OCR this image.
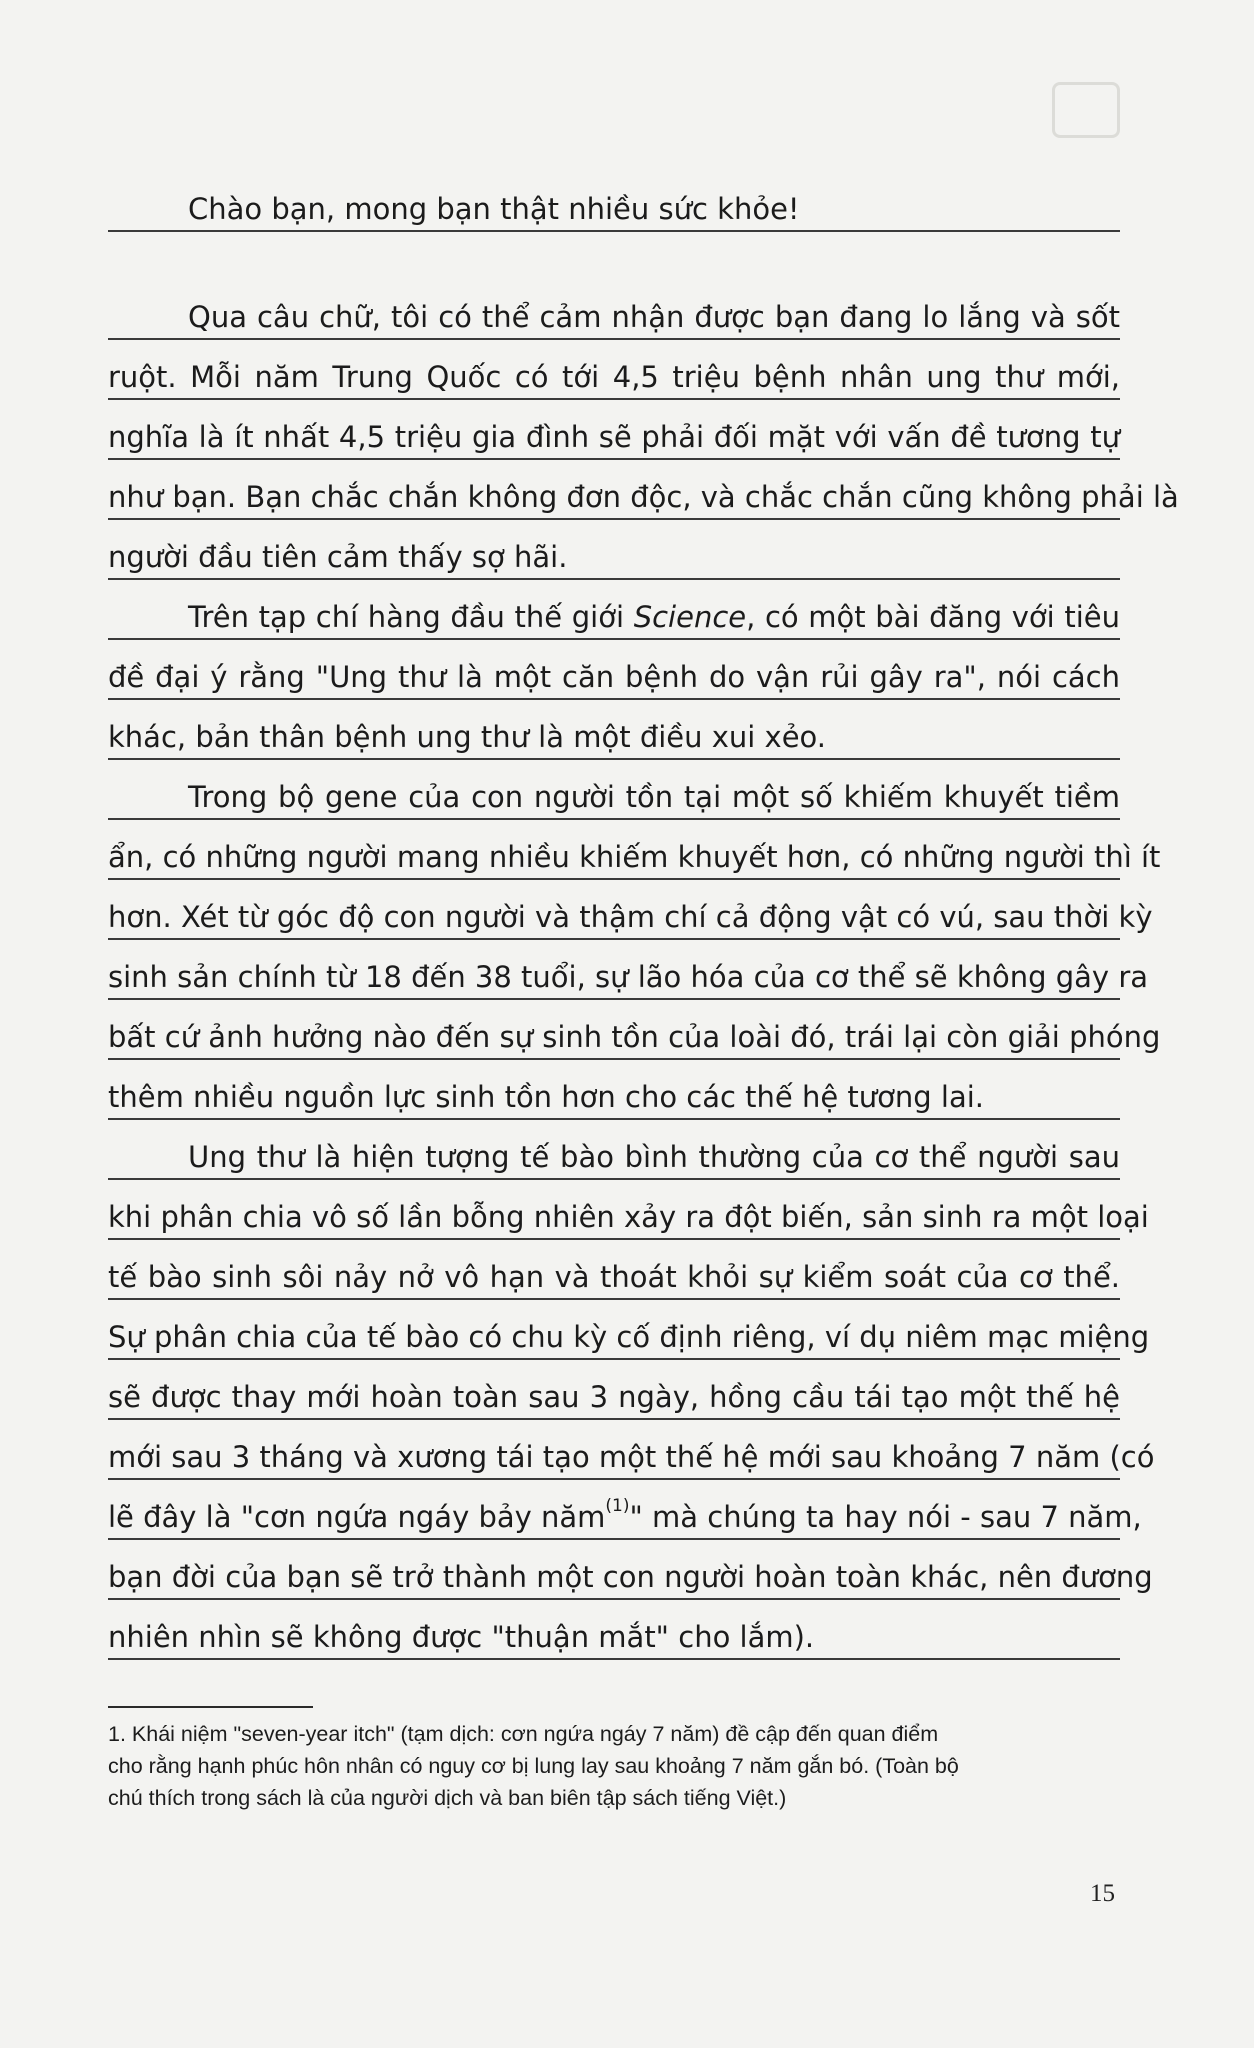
Chào bạn, mong bạn thật nhiều sức khỏe!
Qua câu chữ, tôi có thể cảm nhận được bạn đang lo lắng và sốt
ruột. Mỗi năm Trung Quốc có tới 4,5 triệu bệnh nhân ung thư mới,
nghĩa là ít nhất 4,5 triệu gia đình sẽ phải đối mặt với vấn đề tương tự
như bạn. Bạn chắc chắn không đơn độc, và chắc chắn cũng không phải là
người đầu tiên cảm thấy sợ hãi.
Trên tạp chí hàng đầu thế giới Science, có một bài đăng với tiêu
đề đại ý rằng "Ung thư là một căn bệnh do vận rủi gây ra", nói cách
khác, bản thân bệnh ung thư là một điều xui xẻo.
Trong bộ gene của con người tồn tại một số khiếm khuyết tiềm
ẩn, có những người mang nhiều khiếm khuyết hơn, có những người thì ít
hơn. Xét từ góc độ con người và thậm chí cả động vật có vú, sau thời kỳ
sinh sản chính từ 18 đến 38 tuổi, sự lão hóa của cơ thể sẽ không gây ra
bất cứ ảnh hưởng nào đến sự sinh tồn của loài đó, trái lại còn giải phóng
thêm nhiều nguồn lực sinh tồn hơn cho các thế hệ tương lai.
Ung thư là hiện tượng tế bào bình thường của cơ thể người sau
khi phân chia vô số lần bỗng nhiên xảy ra đột biến, sản sinh ra một loại
tế bào sinh sôi nảy nở vô hạn và thoát khỏi sự kiểm soát của cơ thể.
Sự phân chia của tế bào có chu kỳ cố định riêng, ví dụ niêm mạc miệng
sẽ được thay mới hoàn toàn sau 3 ngày, hồng cầu tái tạo một thế hệ
mới sau 3 tháng và xương tái tạo một thế hệ mới sau khoảng 7 năm (có
lẽ đây là "cơn ngứa ngáy bảy năm$^{(1)}$" mà chúng ta hay nói - sau 7 năm,
bạn đời của bạn sẽ trở thành một con người hoàn toàn khác, nên đương
nhiên nhìn sẽ không được "thuận mắt" cho lắm).
1. Khái niệm "seven-year itch" (tạm dịch: cơn ngứa ngáy 7 năm) đề cập đến quan điểm
cho rằng hạnh phúc hôn nhân có nguy cơ bị lung lay sau khoảng 7 năm gắn bó. (Toàn bộ
chú thích trong sách là của người dịch và ban biên tập sách tiếng Việt.)
15
